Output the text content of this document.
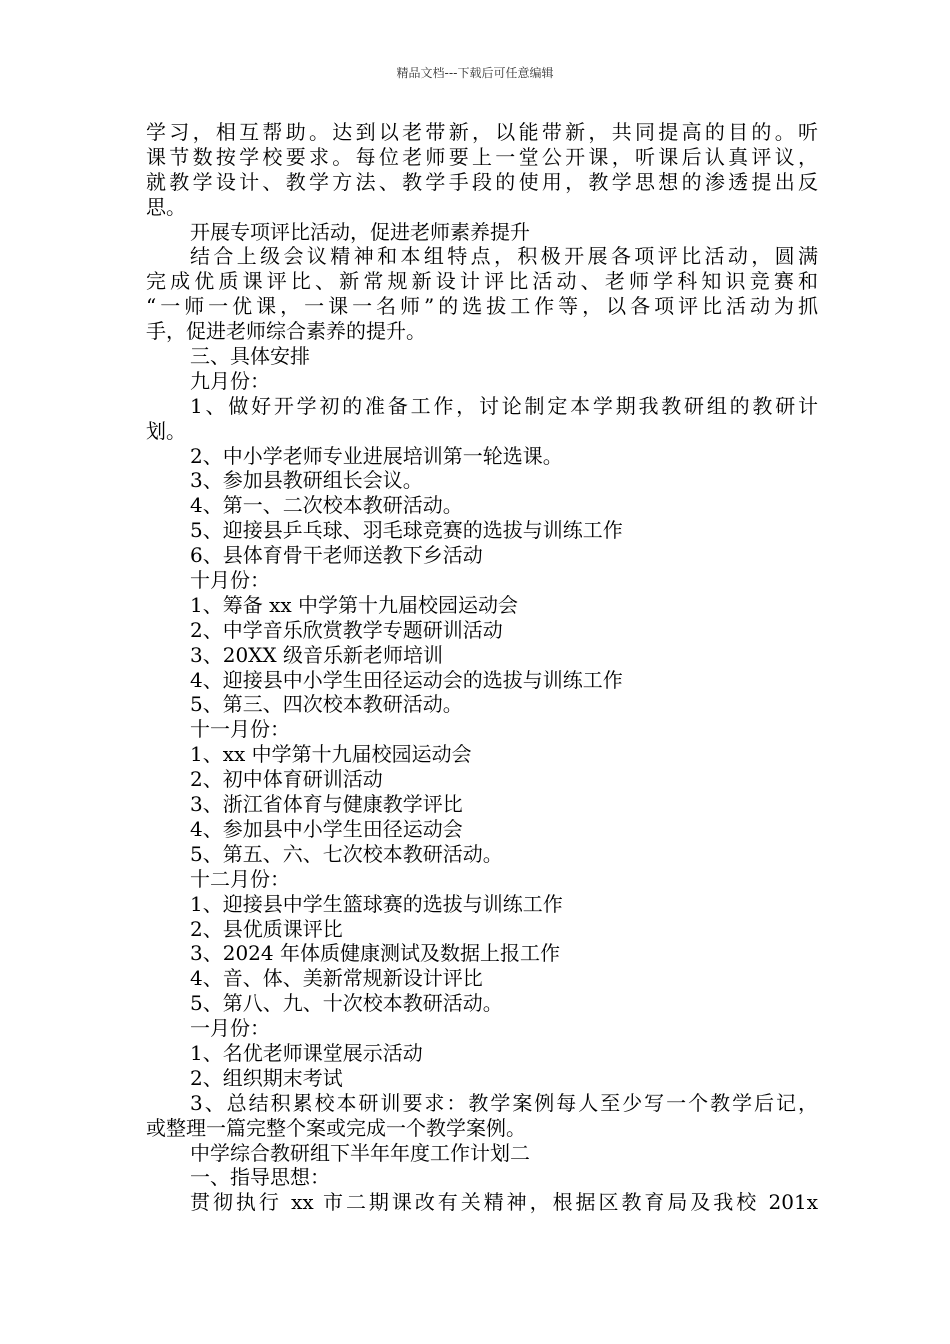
精品文档---下载后可任意编辑
学习，相互帮助。达到以老带新，以能带新，共同提高的目的。听
课节数按学校要求。每位老师要上一堂公开课，听课后认真评议，
就教学设计、教学方法、教学手段的使用，教学思想的渗透提出反
思。
开展专项评比活动，促进老师素养提升
结合上级会议精神和本组特点，积极开展各项评比活动，圆满
完成优质课评比、新常规新设计评比活动、老师学科知识竞赛和
“一师一优课，一课一名师”的选拔工作等，以各项评比活动为抓
手，促进老师综合素养的提升。
三、具体安排
九月份：
1、做好开学初的准备工作，讨论制定本学期我教研组的教研计
划。
2、中小学老师专业进展培训第一轮选课。
3、参加县教研组长会议。
4、第一、二次校本教研活动。
5、迎接县乒乓球、羽毛球竞赛的选拔与训练工作
6、县体育骨干老师送教下乡活动
十月份：
1、筹备 xx 中学第十九届校园运动会
2、中学音乐欣赏教学专题研训活动
3、20XX 级音乐新老师培训
4、迎接县中小学生田径运动会的选拔与训练工作
5、第三、四次校本教研活动。
十一月份：
1、xx 中学第十九届校园运动会
2、初中体育研训活动
3、浙江省体育与健康教学评比
4、参加县中小学生田径运动会
5、第五、六、七次校本教研活动。
十二月份：
1、迎接县中学生篮球赛的选拔与训练工作
2、县优质课评比
3、2024 年体质健康测试及数据上报工作
4、音、体、美新常规新设计评比
5、第八、九、十次校本教研活动。
一月份：
1、名优老师课堂展示活动
2、组织期末考试
3、总结积累校本研训要求：教学案例每人至少写一个教学后记，
或整理一篇完整个案或完成一个教学案例。
中学综合教研组下半年年度工作计划二
一、指导思想：
贯彻执行 xx 市二期课改有关精神，根据区教育局及我校 201x
